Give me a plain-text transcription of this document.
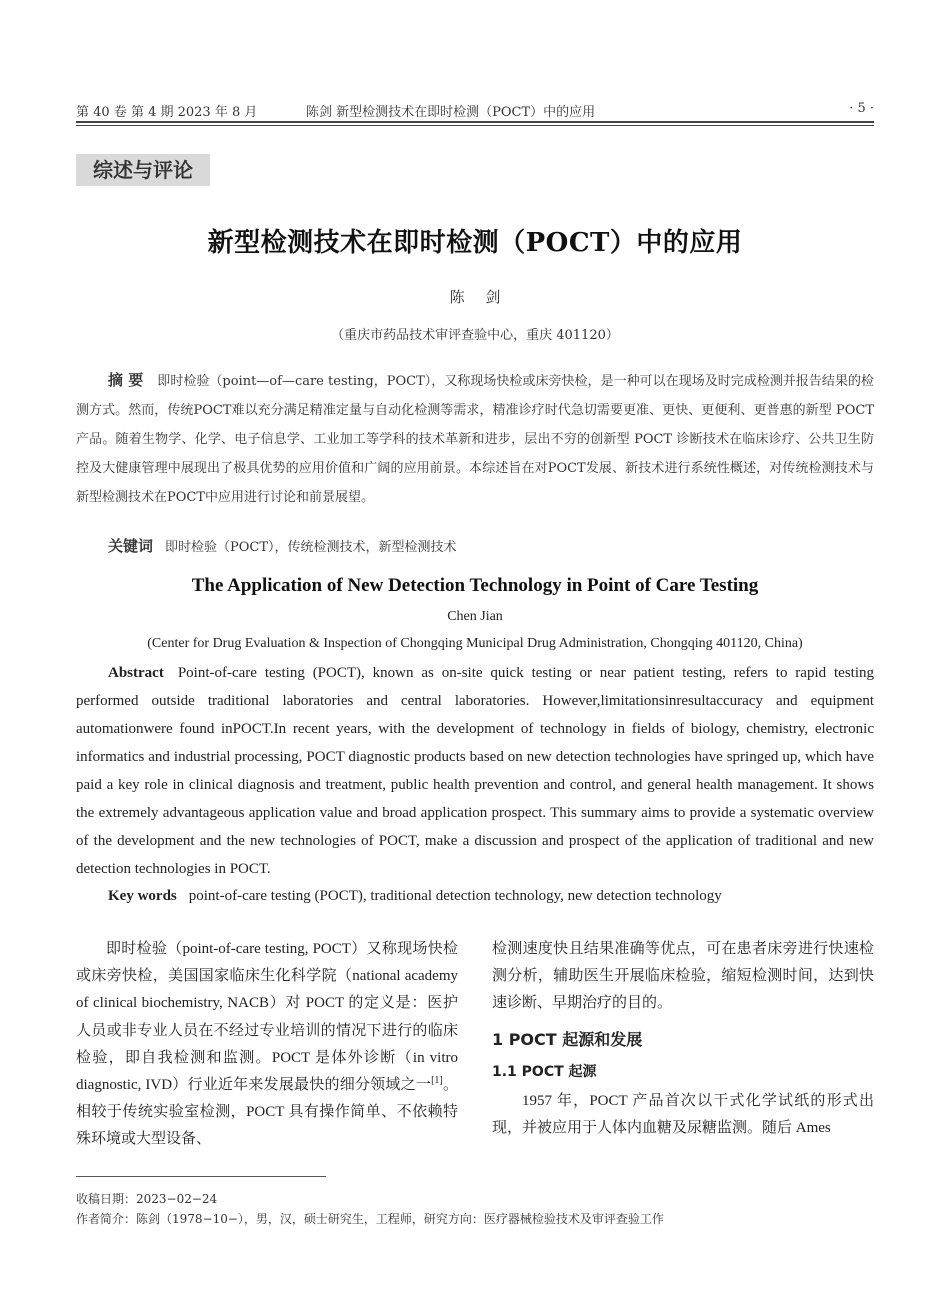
第 40 卷 第 4 期 2023 年 8 月	陈剑 新型检测技术在即时检测（POCT）中的应用	· 5 ·
综述与评论
新型检测技术在即时检测（POCT）中的应用
陈 剑
（重庆市药品技术审评查验中心，重庆 401120）
摘 要 即时检验（point—of—care testing，POCT），又称现场快检或床旁快检，是一种可以在现场及时完成检测并报告结果的检测方式。然而，传统POCT难以充分满足精准定量与自动化检测等需求，精准诊疗时代急切需要更准、更快、更便利、更普惠的新型 POCT 产品。随着生物学、化学、电子信息学、工业加工等学科的技术革新和进步，层出不穷的创新型 POCT 诊断技术在临床诊疗、公共卫生防控及大健康管理中展现出了极具优势的应用价值和广阔的应用前景。本综述旨在对POCT发展、新技术进行系统性概述，对传统检测技术与新型检测技术在POCT中应用进行讨论和前景展望。
关键词 即时检验（POCT），传统检测技术，新型检测技术
The Application of New Detection Technology in Point of Care Testing
Chen Jian
(Center for Drug Evaluation & Inspection of Chongqing Municipal Drug Administration, Chongqing 401120, China)
Abstract Point-of-care testing (POCT), known as on-site quick testing or near patient testing, refers to rapid testing performed outside traditional laboratories and central laboratories. However,limitationsinresultaccuracy and equipment automationwere found inPOCT.In recent years, with the development of technology in fields of biology, chemistry, electronic informatics and industrial processing, POCT diagnostic products based on new detection technologies have springed up, which have paid a key role in clinical diagnosis and treatment, public health prevention and control, and general health management. It shows the extremely advantageous application value and broad application prospect. This summary aims to provide a systematic overview of the development and the new technologies of POCT, make a discussion and prospect of the application of traditional and new detection technologies in POCT.
Key words point-of-care testing (POCT), traditional detection technology, new detection technology

即时检验（point-of-care testing, POCT）又称现场快检或床旁快检，美国国家临床生化科学院（national academy of clinical biochemistry, NACB）对 POCT 的定义是：医护人员或非专业人员在不经过专业培训的情况下进行的临床检验，即自我检测和监测。POCT 是体外诊断（in vitro diagnostic, IVD）行业近年来发展最快的细分领域之一[1]。相较于传统实验室检测，POCT 具有操作简单、不依赖特殊环境或大型设备、

检测速度快且结果准确等优点，可在患者床旁进行快速检测分析，辅助医生开展临床检验，缩短检测时间，达到快速诊断、早期治疗的目的。

1 POCT 起源和发展
1.1 POCT 起源

1957 年，POCT 产品首次以干式化学试纸的形式出现，并被应用于人体内血糖及尿糖监测。随后 Ames

收稿日期：2023−02−24
作者简介：陈剑（1978−10−），男，汉，硕士研究生，工程师，研究方向：医疗器械检验技术及审评查验工作
